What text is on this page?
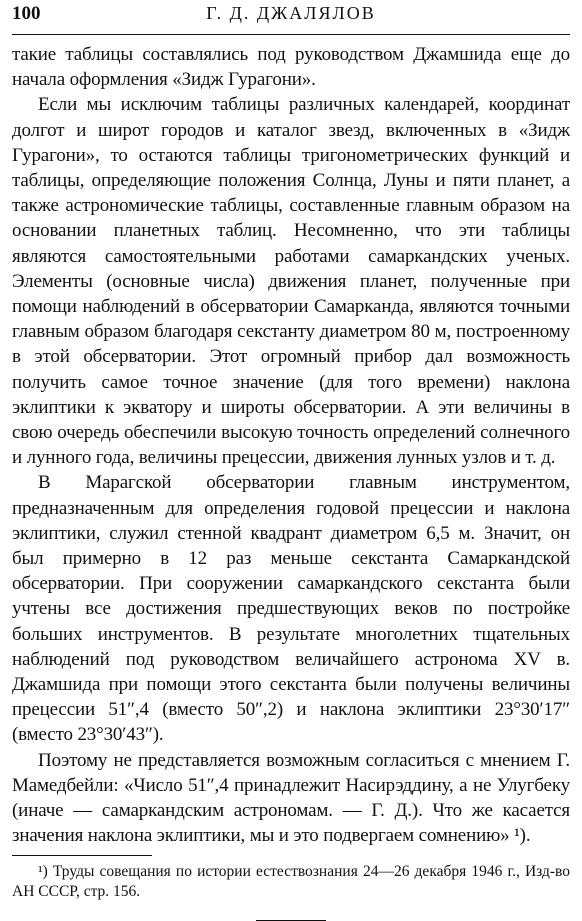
100	Г. Д. ДЖАЛЯЛОВ

такие таблицы составлялись под руководством Джамшида еще до начала оформления «Зидж Гурагони».

Если мы исключим таблицы различных календарей, координат долгот и широт городов и каталог звезд, включенных в «Зидж Гурагони», то остаются таблицы тригонометрических функций и таблицы, определяющие положения Солнца, Луны и пяти планет, а также астрономические таблицы, составленные главным образом на основании планетных таблиц. Несомненно, что эти таблицы являются самостоятельными работами самаркандских ученых. Элементы (основные числа) движения планет, полученные при помощи наблюдений в обсерватории Самарканда, являются точными главным образом благодаря секстанту диаметром 80 м, построенному в этой обсерватории. Этот огромный прибор дал возможность получить самое точное значение (для того времени) наклона эклиптики к экватору и широты обсерватории. А эти величины в свою очередь обеспечили высокую точность определений солнечного и лунного года, величины прецессии, движения лунных узлов и т. д.

В Марагской обсерватории главным инструментом, предназначенным для определения годовой прецессии и наклона эклиптики, служил стенной квадрант диаметром 6,5 м. Значит, он был примерно в 12 раз меньше секстанта Самаркандской обсерватории. При сооружении самаркандского секстанта были учтены все достижения предшествующих веков по постройке больших инструментов. В результате многолетних тщательных наблюдений под руководством величайшего астронома XV в. Джамшида при помощи этого секстанта были получены величины прецессии 51″,4 (вместо 50″,2) и наклона эклиптики 23°30′17″ (вместо 23°30′43″).

Поэтому не представляется возможным согласиться с мнением Г. Мамедбейли: «Число 51″,4 принадлежит Насирэддину, а не Улугбеку (иначе — самаркандским астрономам. — Г. Д.). Что же касается значения наклона эклиптики, мы и это подвергаем сомнению» ¹).

¹) Труды совещания по истории естествознания 24—26 декабря 1946 г., Изд-во АН СССР, стр. 156.
